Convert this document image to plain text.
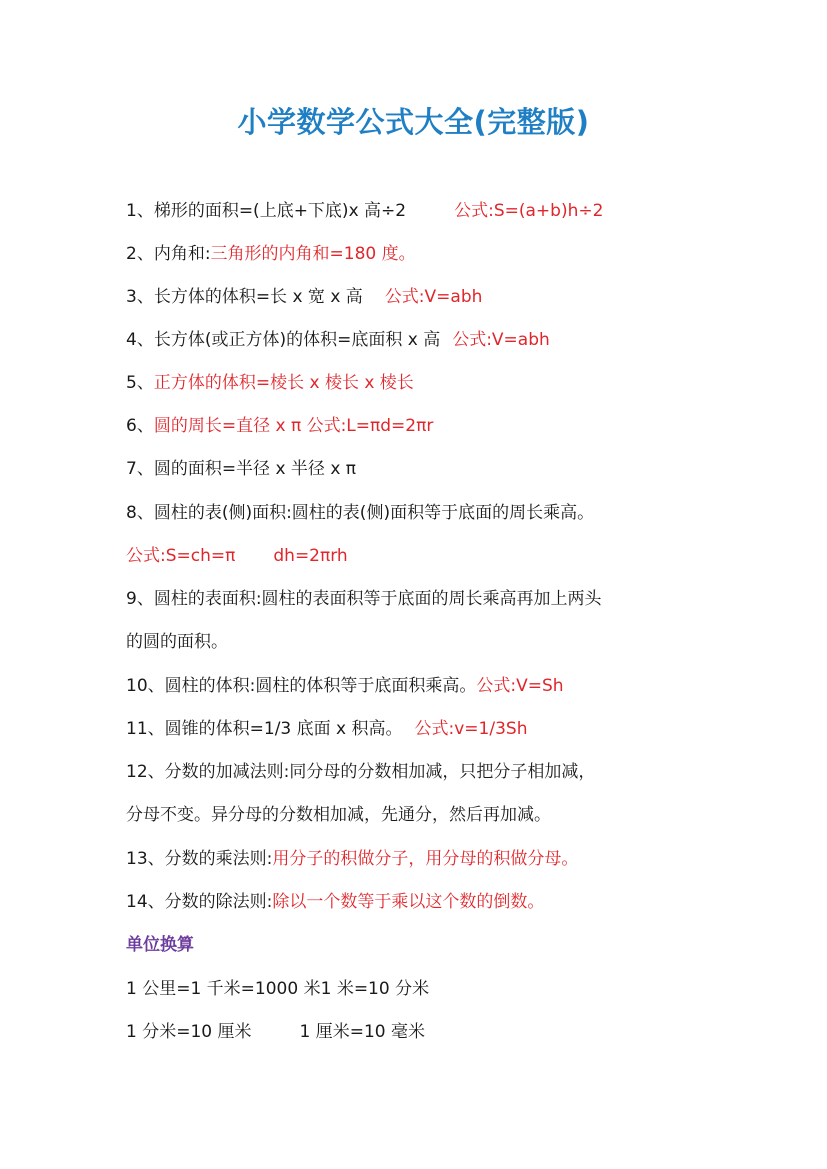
小学数学公式大全(完整版)
1、梯形的面积=(上底+下底)x 高÷2	公式:S=(a+b)h÷2
2、内角和:三角形的内角和=180 度。
3、长方体的体积=长 x 宽 x 高 公式:V=abh
4、长方体(或正方体)的体积=底面积 x 高 公式:V=abh
5、正方体的体积=棱长 x 棱长 x 棱长
6、圆的周长=直径 x π 公式:L=πd=2πr
7、圆的面积=半径 x 半径 x π
8、圆柱的表(侧)面积:圆柱的表(侧)面积等于底面的周长乘高。
公式:S=ch=π dh=2πrh
9、圆柱的表面积:圆柱的表面积等于底面的周长乘高再加上两头
的圆的面积。
10、圆柱的体积:圆柱的体积等于底面积乘高。公式:V=Sh
11、圆锥的体积=1/3 底面 x 积高。 公式:v=1/3Sh
12、分数的加减法则:同分母的分数相加减，只把分子相加减，
分母不变。异分母的分数相加减，先通分，然后再加减。
13、分数的乘法则:用分子的积做分子，用分母的积做分母。
14、分数的除法则:除以一个数等于乘以这个数的倒数。
单位换算
1 公里=1 千米=1000 米1 米=10 分米
1 分米=10 厘米	1 厘米=10 毫米
